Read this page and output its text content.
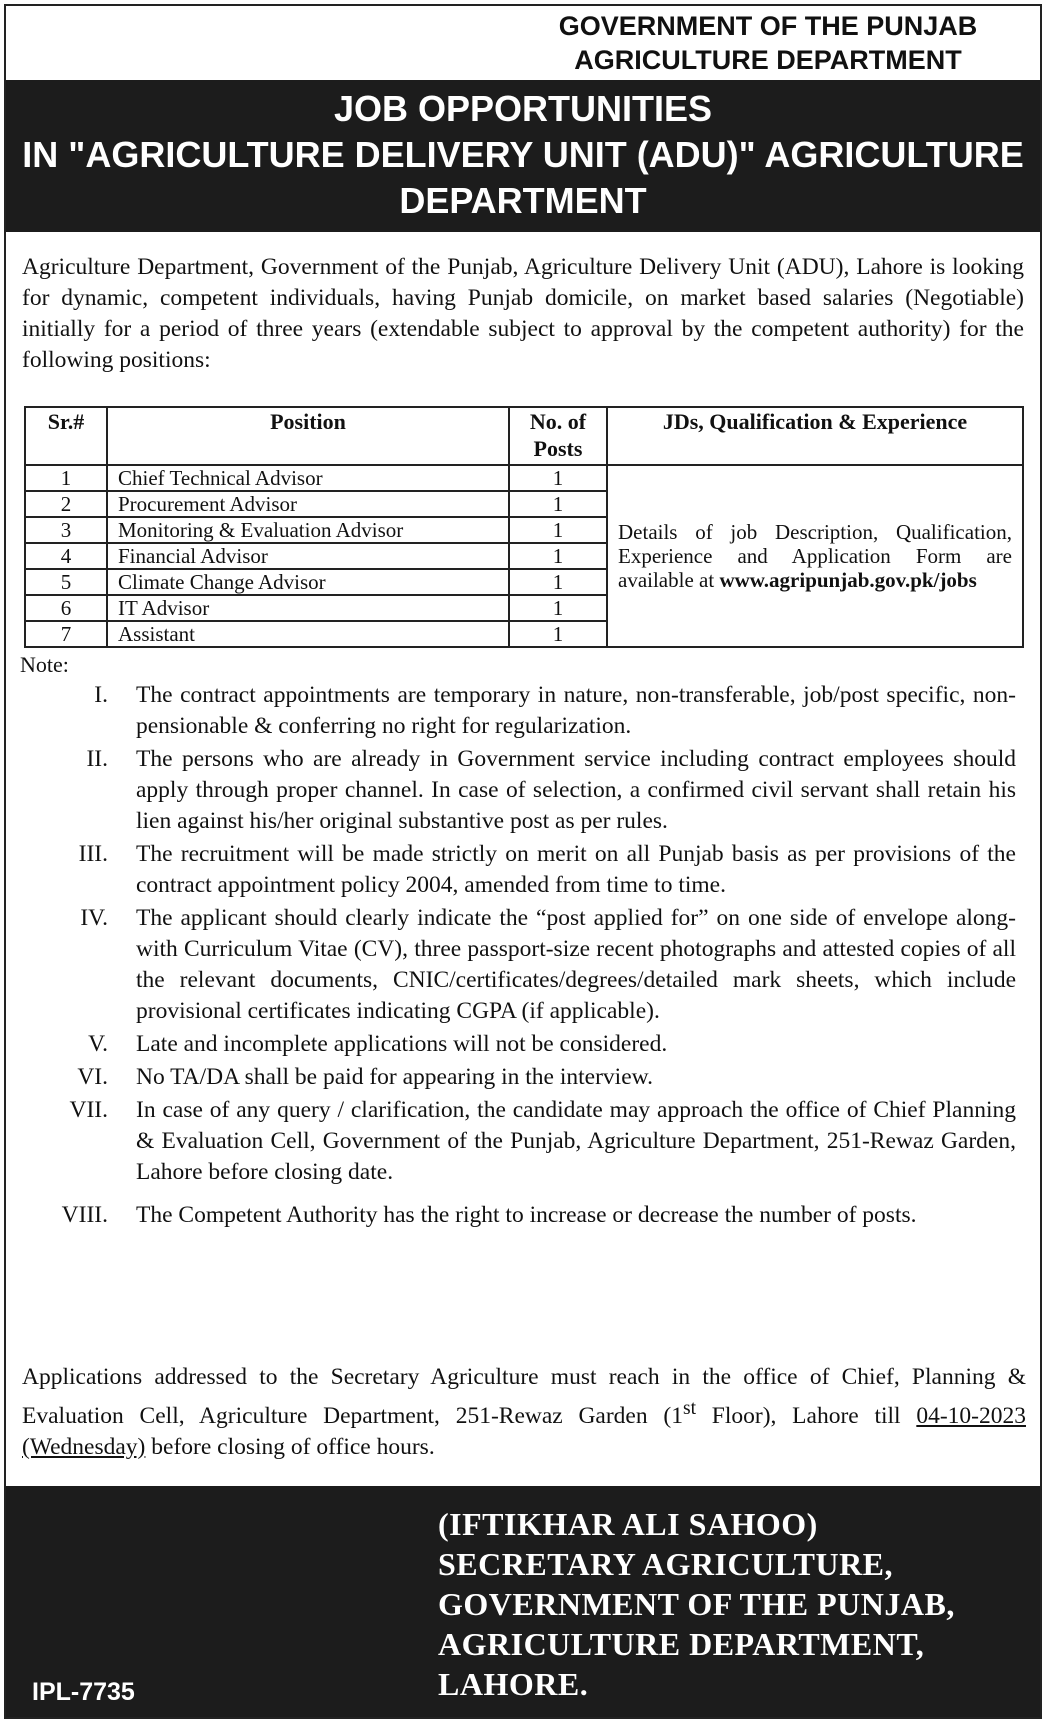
GOVERNMENT OF THE PUNJAB
AGRICULTURE DEPARTMENT
JOB OPPORTUNITIES
IN "AGRICULTURE DELIVERY UNIT (ADU)" AGRICULTURE
DEPARTMENT
Agriculture Department, Government of the Punjab, Agriculture Delivery Unit (ADU), Lahore is looking for dynamic, competent individuals, having Punjab domicile, on market based salaries (Negotiable) initially for a period of three years (extendable subject to approval by the competent authority) for the following positions:
Sr.#	Position	No. of Posts	JDs, Qualification & Experience
1	Chief Technical Advisor	1	Details of job Description, Qualification, Experience and Application Form are available at www.agripunjab.gov.pk/jobs
2	Procurement Advisor	1	
3	Monitoring & Evaluation Advisor	1	
4	Financial Advisor	1	
5	Climate Change Advisor	1	
6	IT Advisor	1	
7	Assistant	1	
Note:
I.	The contract appointments are temporary in nature, non-transferable, job/post specific, non-pensionable & conferring no right for regularization.
II.	The persons who are already in Government service including contract employees should apply through proper channel. In case of selection, a confirmed civil servant shall retain his lien against his/her original substantive post as per rules.
III.	The recruitment will be made strictly on merit on all Punjab basis as per provisions of the contract appointment policy 2004, amended from time to time.
IV.	The applicant should clearly indicate the “post applied for” on one side of envelope along-with Curriculum Vitae (CV), three passport-size recent photographs and attested copies of all the relevant documents, CNIC/certificates/degrees/detailed mark sheets, which include provisional certificates indicating CGPA (if applicable).
V.	Late and incomplete applications will not be considered.
VI.	No TA/DA shall be paid for appearing in the interview.
VII.	In case of any query / clarification, the candidate may approach the office of Chief Planning & Evaluation Cell, Government of the Punjab, Agriculture Department, 251-Rewaz Garden, Lahore before closing date.
VIII.	The Competent Authority has the right to increase or decrease the number of posts.
Applications addressed to the Secretary Agriculture must reach in the office of Chief, Planning & Evaluation Cell, Agriculture Department, 251-Rewaz Garden (1st Floor), Lahore till 04-10-2023 (Wednesday) before closing of office hours.
(IFTIKHAR ALI SAHOO)
SECRETARY AGRICULTURE,
GOVERNMENT OF THE PUNJAB,
AGRICULTURE DEPARTMENT,
LAHORE.
IPL-7735
